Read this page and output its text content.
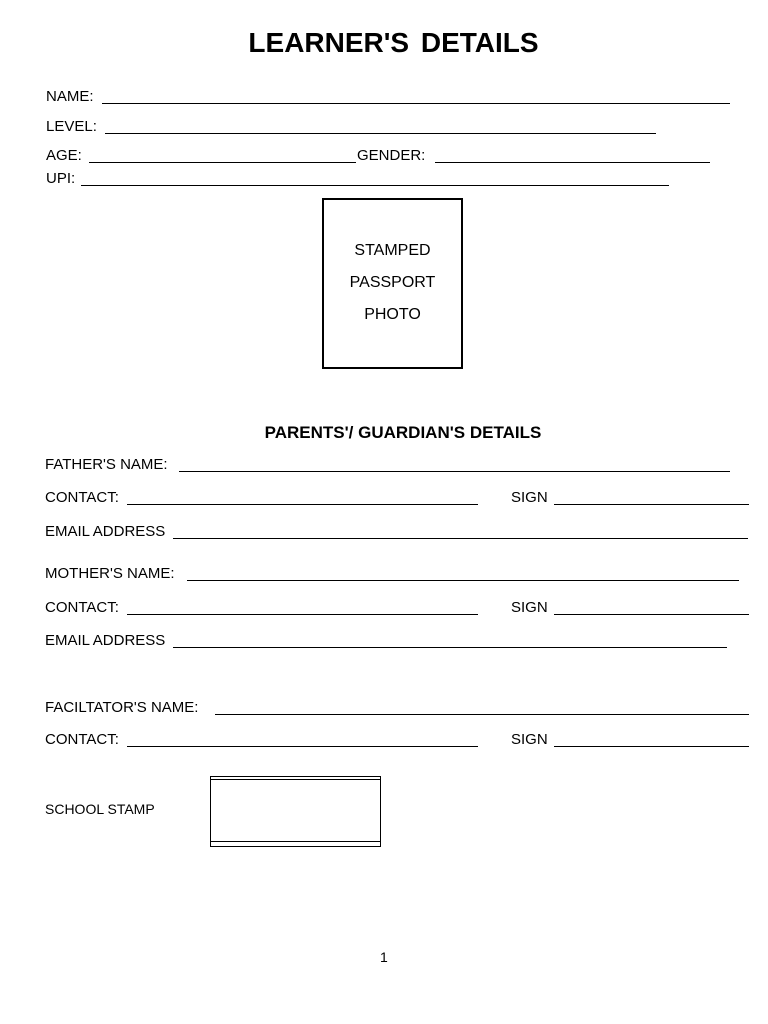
LEARNER'S DETAILS
NAME:
LEVEL:
AGE:	GENDER:
UPI:
STAMPED
PASSPORT
PHOTO
PARENTS'/ GUARDIAN'S DETAILS
FATHER'S NAME:
CONTACT:	SIGN
EMAIL ADDRESS
MOTHER'S NAME:
CONTACT:	SIGN
EMAIL ADDRESS
FACILTATOR'S NAME:
CONTACT:	SIGN
SCHOOL STAMP
1
